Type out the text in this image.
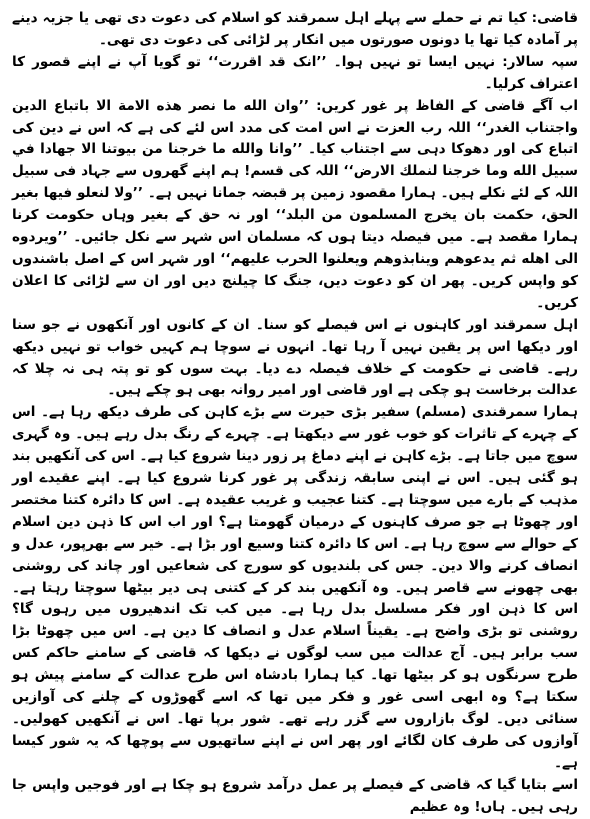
قاضی: کیا تم نے حملے سے پہلے اہل سمرقند کو اسلام کی دعوت دی تھی یا جزیہ دینے پر آمادہ کیا تھا یا دونوں صورتوں میں انکار پر لڑائی کی دعوت دی تھی۔

سپہ سالار: نہیں ایسا تو نہیں ہوا۔ ’’انک قد اقررت‘‘ تو گویا آپ نے اپنے قصور کا اعتراف کرلیا۔

اب آگے قاضی کے الفاظ پر غور کریں: ’’وان الله ما نصر هذه الامة الا باتباع الدين واجتناب الغدر‘‘ اللہ رب العزت نے اس امت کی مدد اس لئے کی ہے کہ اس نے دین کی اتباع کی اور دھوکا دہی سے اجتناب کیا۔ ’’وانا والله ما خرجنا من بيوتنا الا جهادا في سبيل الله وما خرجنا لنملك الارض‘‘ اللہ کی قسم! ہم اپنے گھروں سے جہاد فی سبیل اللہ کے لئے نکلے ہیں۔ ہمارا مقصود زمین پر قبضہ جمانا نہیں ہے۔ ’’ولا لنعلو فيها بغير الحق، حكمت بان يخرج المسلمون من البلد‘‘ اور نہ حق کے بغیر وہاں حکومت کرنا ہمارا مقصد ہے۔ میں فیصلہ دیتا ہوں کہ مسلمان اس شہر سے نکل جائیں۔ ’’ويردوه الى اهله ثم يدعوهم وينابذوهم ويعلنوا الحرب عليهم‘‘ اور شہر اس کے اصل باشندوں کو واپس کریں۔ پھر ان کو دعوت دیں، جنگ کا چیلنج دیں اور ان سے لڑائی کا اعلان کریں۔

اہل سمرقند اور کاہنوں نے اس فیصلے کو سنا۔ ان کے کانوں اور آنکھوں نے جو سنا اور دیکھا اس پر یقین نہیں آ رہا تھا۔ انہوں نے سوچا ہم کہیں خواب تو نہیں دیکھ رہے۔ قاضی نے حکومت کے خلاف فیصلہ دے دیا۔ بہت سوں کو تو پتہ ہی نہ چلا کہ عدالت برخاست ہو چکی ہے اور قاضی اور امیر روانہ بھی ہو چکے ہیں۔

ہمارا سمرقندی (مسلم) سفیر بڑی حیرت سے بڑے کاہن کی طرف دیکھ رہا ہے۔ اس کے چہرے کے تاثرات کو خوب غور سے دیکھتا ہے۔ چہرے کے رنگ بدل رہے ہیں۔ وہ گہری سوچ میں جاتا ہے۔ بڑے کاہن نے اپنے دماغ پر زور دینا شروع کیا ہے۔ اس کی آنکھیں بند ہو گئی ہیں۔ اس نے اپنی سابقہ زندگی پر غور کرنا شروع کیا ہے۔ اپنے عقیدے اور مذہب کے بارے میں سوچتا ہے۔ کتنا عجیب و غریب عقیدہ ہے۔ اس کا دائرہ کتنا مختصر اور چھوٹا ہے جو صرف کاہنوں کے درمیان گھومتا ہے؟ اور اب اس کا ذہن دین اسلام کے حوالے سے سوچ رہا ہے۔ اس کا دائرہ کتنا وسیع اور بڑا ہے۔ خیر سے بھرپور، عدل و انصاف کرنے والا دین۔ جس کی بلندیوں کو سورج کی شعاعیں اور چاند کی روشنی بھی چھونے سے قاصر ہیں۔ وہ آنکھیں بند کر کے کتنی ہی دیر بیٹھا سوچتا رہتا ہے۔ اس کا ذہن اور فکر مسلسل بدل رہا ہے۔ میں کب تک اندھیروں میں رہوں گا؟ روشنی تو بڑی واضح ہے۔ یقیناً اسلام عدل و انصاف کا دین ہے۔ اس میں چھوٹا بڑا سب برابر ہیں۔ آج عدالت میں سب لوگوں نے دیکھا کہ قاضی کے سامنے حاکم کس طرح سرنگوں ہو کر بیٹھا تھا۔ کیا ہمارا بادشاہ اس طرح عدالت کے سامنے پیش ہو سکتا ہے؟ وہ ابھی اسی غور و فکر میں تھا کہ اسے گھوڑوں کے چلنے کی آوازیں سنائی دیں۔ لوگ بازاروں سے گزر رہے تھے۔ شور برپا تھا۔ اس نے آنکھیں کھولیں۔ آوازوں کی طرف کان لگائے اور پھر اس نے اپنے ساتھیوں سے پوچھا کہ یہ شور کیسا ہے۔

اسے بتایا گیا کہ قاضی کے فیصلے پر عمل درآمد شروع ہو چکا ہے اور فوجیں واپس جا رہی ہیں۔ ہاں! وہ عظیم
